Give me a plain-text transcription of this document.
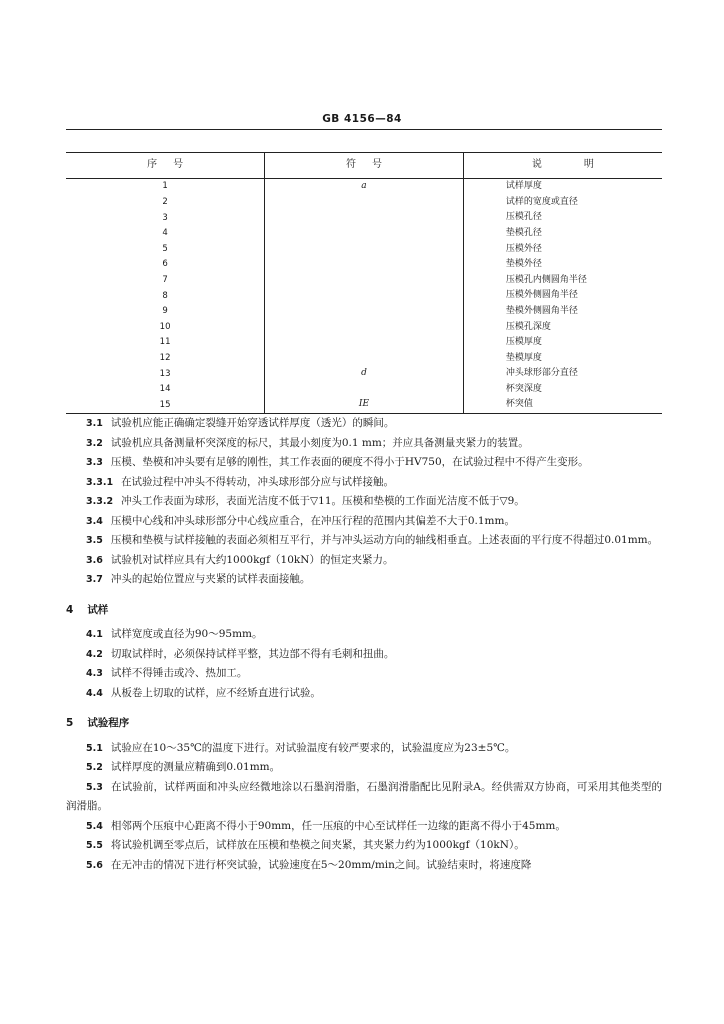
GB 4156—84
序号	符号	说明
1	a	试样厚度
2		试样的宽度或直径
3		压模孔径
4		垫模孔径
5		压模外径
6		垫模外径
7		压模孔内侧圆角半径
8		压模外侧圆角半径
9		垫模外侧圆角半径
10		压模孔深度
11		压模厚度
12		垫模厚度
13	d	冲头球形部分直径
14		杯突深度
15	IE	杯突值
3.1 试验机应能正确确定裂缝开始穿透试样厚度（透光）的瞬间。
3.2 试验机应具备测量杯突深度的标尺，其最小刻度为0.1 mm；并应具备测量夹紧力的装置。
3.3 压模、垫模和冲头要有足够的刚性，其工作表面的硬度不得小于HV750，在试验过程中不得产生变形。
3.3.1 在试验过程中冲头不得转动，冲头球形部分应与试样接触。
3.3.2 冲头工作表面为球形，表面光洁度不低于▽11。压模和垫模的工作面光洁度不低于▽9。
3.4 压模中心线和冲头球形部分中心线应重合，在冲压行程的范围内其偏差不大于0.1mm。
3.5 压模和垫模与试样接触的表面必须相互平行，并与冲头运动方向的轴线相垂直。上述表面的平行度不得超过0.01mm。
3.6 试验机对试样应具有大约1000kgf（10kN）的恒定夹紧力。
3.7 冲头的起始位置应与夹紧的试样表面接触。
4 试样
4.1 试样宽度或直径为90～95mm。
4.2 切取试样时，必须保持试样平整，其边部不得有毛刺和扭曲。
4.3 试样不得锤击或冷、热加工。
4.4 从板卷上切取的试样，应不经矫直进行试验。
5 试验程序
5.1 试验应在10～35℃的温度下进行。对试验温度有较严要求的，试验温度应为23±5℃。
5.2 试样厚度的测量应精确到0.01mm。
5.3 在试验前，试样两面和冲头应经微地涂以石墨润滑脂，石墨润滑脂配比见附录A。经供需双方协商，可采用其他类型的润滑脂。
5.4 相邻两个压痕中心距离不得小于90mm，任一压痕的中心至试样任一边缘的距离不得小于45mm。
5.5 将试验机调至零点后，试样放在压模和垫模之间夹紧，其夹紧力约为1000kgf（10kN）。
5.6 在无冲击的情况下进行杯突试验，试验速度在5～20mm/min之间。试验结束时，将速度降
